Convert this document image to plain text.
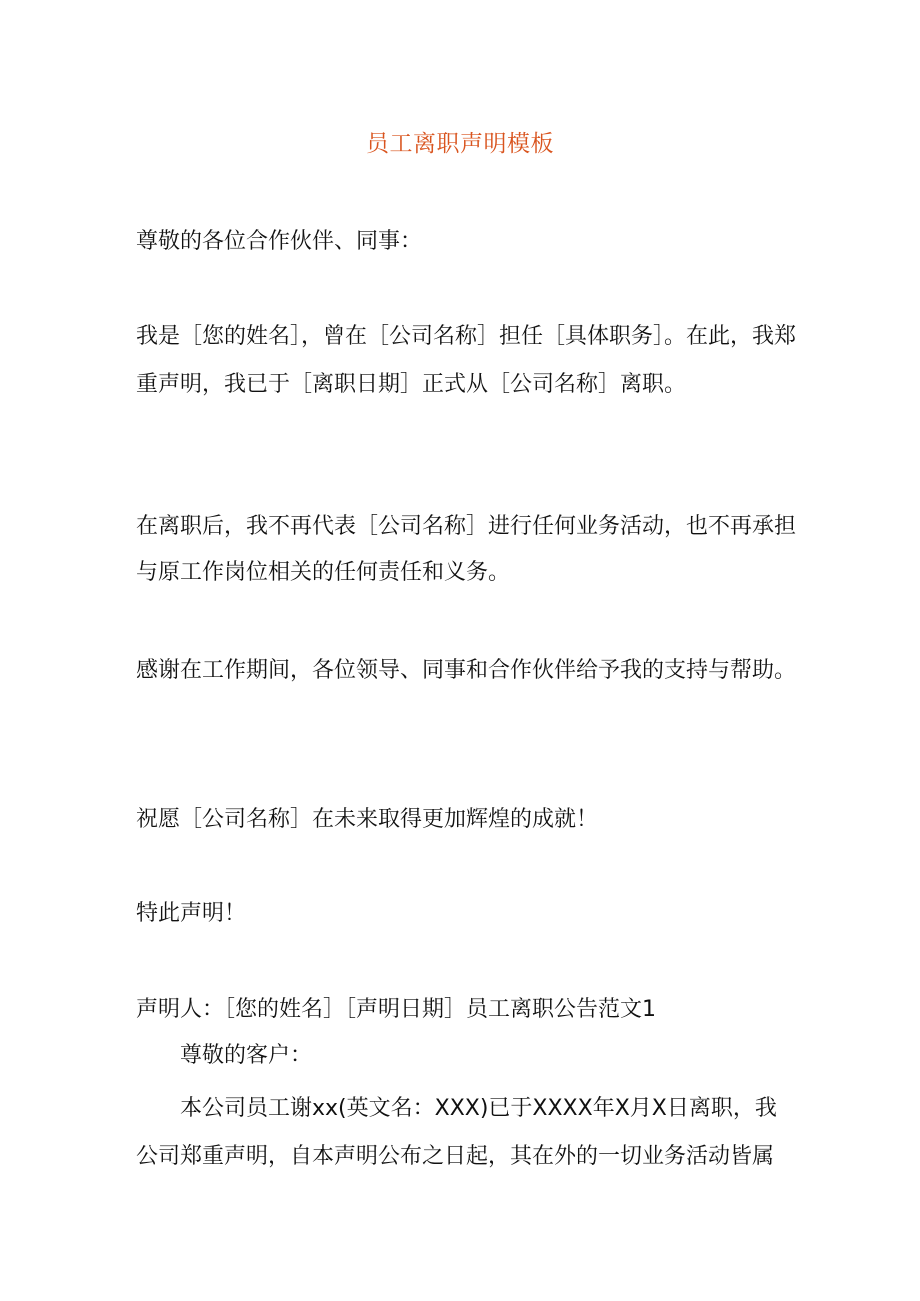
员工离职声明模板

尊敬的各位合作伙伴、同事：

我是［您的姓名］，曾在［公司名称］担任［具体职务］。在此，我郑重声明，我已于［离职日期］正式从［公司名称］离职。

在离职后，我不再代表［公司名称］进行任何业务活动，也不再承担与原工作岗位相关的任何责任和义务。

感谢在工作期间，各位领导、同事和合作伙伴给予我的支持与帮助。

祝愿［公司名称］在未来取得更加辉煌的成就！

特此声明！

声明人：［您的姓名］［声明日期］员工离职公告范文1

尊敬的客户：

本公司员工谢xx(英文名：XXX)已于XXXX年X月X日离职，我公司郑重声明，自本声明公布之日起，其在外的一切业务活动皆属
